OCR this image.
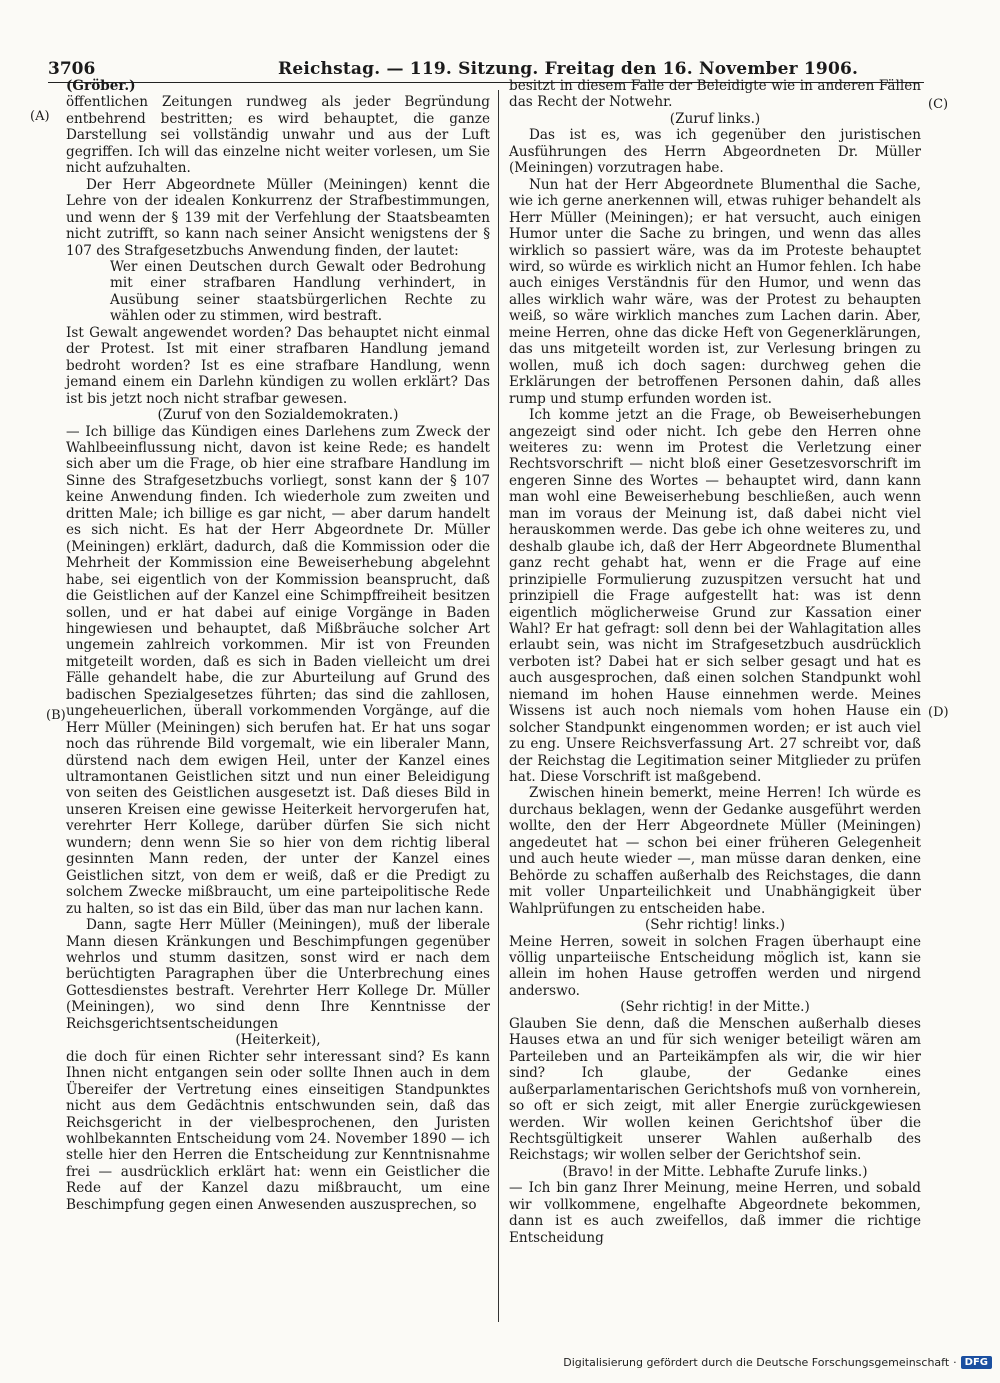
3706	Reichstag. — 119. Sitzung. Freitag den 16. November 1906.
(A)
(B)
(C)
(D)

(Gröber.)

öffentlichen Zeitungen rundweg als jeder Begründung entbehrend bestritten; es wird behauptet, die ganze Darstellung sei vollständig unwahr und aus der Luft gegriffen. Ich will das einzelne nicht weiter vorlesen, um Sie nicht aufzuhalten.

Der Herr Abgeordnete Müller (Meiningen) kennt die Lehre von der idealen Konkurrenz der Strafbestimmungen, und wenn der § 139 mit der Verfehlung der Staatsbeamten nicht zutrifft, so kann nach seiner Ansicht wenigstens der § 107 des Strafgesetzbuchs Anwendung finden, der lautet:

Wer einen Deutschen durch Gewalt oder Bedrohung mit einer strafbaren Handlung verhindert, in Ausübung seiner staatsbürgerlichen Rechte zu wählen oder zu stimmen, wird bestraft.

Ist Gewalt angewendet worden? Das behauptet nicht einmal der Protest. Ist mit einer strafbaren Handlung jemand bedroht worden? Ist es eine strafbare Handlung, wenn jemand einem ein Darlehn kündigen zu wollen erklärt? Das ist bis jetzt noch nicht strafbar gewesen.

(Zuruf von den Sozialdemokraten.)

— Ich billige das Kündigen eines Darlehens zum Zweck der Wahlbeeinflussung nicht, davon ist keine Rede; es handelt sich aber um die Frage, ob hier eine strafbare Handlung im Sinne des Strafgesetzbuchs vorliegt, sonst kann der § 107 keine Anwendung finden. Ich wiederhole zum zweiten und dritten Male; ich billige es gar nicht, — aber darum handelt es sich nicht. Es hat der Herr Abgeordnete Dr. Müller (Meiningen) erklärt, dadurch, daß die Kommission oder die Mehrheit der Kommission eine Beweiserhebung abgelehnt habe, sei eigentlich von der Kommission beansprucht, daß die Geistlichen auf der Kanzel eine Schimpffreiheit besitzen sollen, und er hat dabei auf einige Vorgänge in Baden hingewiesen und behauptet, daß Mißbräuche solcher Art ungemein zahlreich vorkommen. Mir ist von Freunden mitgeteilt worden, daß es sich in Baden vielleicht um drei Fälle gehandelt habe, die zur Aburteilung auf Grund des badischen Spezialgesetzes führten; das sind die zahllosen, ungeheuerlichen, überall vorkommenden Vorgänge, auf die Herr Müller (Meiningen) sich berufen hat. Er hat uns sogar noch das rührende Bild vorgemalt, wie ein liberaler Mann, dürstend nach dem ewigen Heil, unter der Kanzel eines ultramontanen Geistlichen sitzt und nun einer Beleidigung von seiten des Geistlichen ausgesetzt ist. Daß dieses Bild in unseren Kreisen eine gewisse Heiterkeit hervorgerufen hat, verehrter Herr Kollege, darüber dürfen Sie sich nicht wundern; denn wenn Sie so hier von dem richtig liberal gesinnten Mann reden, der unter der Kanzel eines Geistlichen sitzt, von dem er weiß, daß er die Predigt zu solchem Zwecke mißbraucht, um eine parteipolitische Rede zu halten, so ist das ein Bild, über das man nur lachen kann.

Dann, sagte Herr Müller (Meiningen), muß der liberale Mann diesen Kränkungen und Beschimpfungen gegenüber wehrlos und stumm dasitzen, sonst wird er nach dem berüchtigten Paragraphen über die Unterbrechung eines Gottesdienstes bestraft. Verehrter Herr Kollege Dr. Müller (Meiningen), wo sind denn Ihre Kenntnisse der Reichsgerichtsentscheidungen

(Heiterkeit),

die doch für einen Richter sehr interessant sind? Es kann Ihnen nicht entgangen sein oder sollte Ihnen auch in dem Übereifer der Vertretung eines einseitigen Standpunktes nicht aus dem Gedächtnis entschwunden sein, daß das Reichsgericht in der vielbesprochenen, den Juristen wohlbekannten Entscheidung vom 24. November 1890 — ich stelle hier den Herren die Entscheidung zur Kenntnisnahme frei — ausdrücklich erklärt hat: wenn ein Geistlicher die Rede auf der Kanzel dazu mißbraucht, um eine Beschimpfung gegen einen Anwesenden auszusprechen, so

besitzt in diesem Falle der Beleidigte wie in anderen Fällen das Recht der Notwehr.

(Zuruf links.)

Das ist es, was ich gegenüber den juristischen Ausführungen des Herrn Abgeordneten Dr. Müller (Meiningen) vorzutragen habe.

Nun hat der Herr Abgeordnete Blumenthal die Sache, wie ich gerne anerkennen will, etwas ruhiger behandelt als Herr Müller (Meiningen); er hat versucht, auch einigen Humor unter die Sache zu bringen, und wenn das alles wirklich so passiert wäre, was da im Proteste behauptet wird, so würde es wirklich nicht an Humor fehlen. Ich habe auch einiges Verständnis für den Humor, und wenn das alles wirklich wahr wäre, was der Protest zu behaupten weiß, so wäre wirklich manches zum Lachen darin. Aber, meine Herren, ohne das dicke Heft von Gegenerklärungen, das uns mitgeteilt worden ist, zur Verlesung bringen zu wollen, muß ich doch sagen: durchweg gehen die Erklärungen der betroffenen Personen dahin, daß alles rump und stump erfunden worden ist.

Ich komme jetzt an die Frage, ob Beweiserhebungen angezeigt sind oder nicht. Ich gebe den Herren ohne weiteres zu: wenn im Protest die Verletzung einer Rechtsvorschrift — nicht bloß einer Gesetzesvorschrift im engeren Sinne des Wortes — behauptet wird, dann kann man wohl eine Beweiserhebung beschließen, auch wenn man im voraus der Meinung ist, daß dabei nicht viel herauskommen werde. Das gebe ich ohne weiteres zu, und deshalb glaube ich, daß der Herr Abgeordnete Blumenthal ganz recht gehabt hat, wenn er die Frage auf eine prinzipielle Formulierung zuzuspitzen versucht hat und prinzipiell die Frage aufgestellt hat: was ist denn eigentlich möglicherweise Grund zur Kassation einer Wahl? Er hat gefragt: soll denn bei der Wahlagitation alles erlaubt sein, was nicht im Strafgesetzbuch ausdrücklich verboten ist? Dabei hat er sich selber gesagt und hat es auch ausgesprochen, daß einen solchen Standpunkt wohl niemand im hohen Hause einnehmen werde. Meines Wissens ist auch noch niemals vom hohen Hause ein solcher Standpunkt eingenommen worden; er ist auch viel zu eng. Unsere Reichsverfassung Art. 27 schreibt vor, daß der Reichstag die Legitimation seiner Mitglieder zu prüfen hat. Diese Vorschrift ist maßgebend.

Zwischen hinein bemerkt, meine Herren! Ich würde es durchaus beklagen, wenn der Gedanke ausgeführt werden wollte, den der Herr Abgeordnete Müller (Meiningen) angedeutet hat — schon bei einer früheren Gelegenheit und auch heute wieder —, man müsse daran denken, eine Behörde zu schaffen außerhalb des Reichstages, die dann mit voller Unparteilichkeit und Unabhängigkeit über Wahlprüfungen zu entscheiden habe.

(Sehr richtig! links.)

Meine Herren, soweit in solchen Fragen überhaupt eine völlig unparteiische Entscheidung möglich ist, kann sie allein im hohen Hause getroffen werden und nirgend anderswo.

(Sehr richtig! in der Mitte.)

Glauben Sie denn, daß die Menschen außerhalb dieses Hauses etwa an und für sich weniger beteiligt wären am Parteileben und an Parteikämpfen als wir, die wir hier sind? Ich glaube, der Gedanke eines außerparlamentarischen Gerichtshofs muß von vornherein, so oft er sich zeigt, mit aller Energie zurückgewiesen werden. Wir wollen keinen Gerichtshof über die Rechtsgültigkeit unserer Wahlen außerhalb des Reichstags; wir wollen selber der Gerichtshof sein.

(Bravo! in der Mitte. Lebhafte Zurufe links.)

— Ich bin ganz Ihrer Meinung, meine Herren, und sobald wir vollkommene, engelhafte Abgeordnete bekommen, dann ist es auch zweifellos, daß immer die richtige Entscheidung

Digitalisierung gefördert durch die Deutsche Forschungsgemeinschaft · DFG
